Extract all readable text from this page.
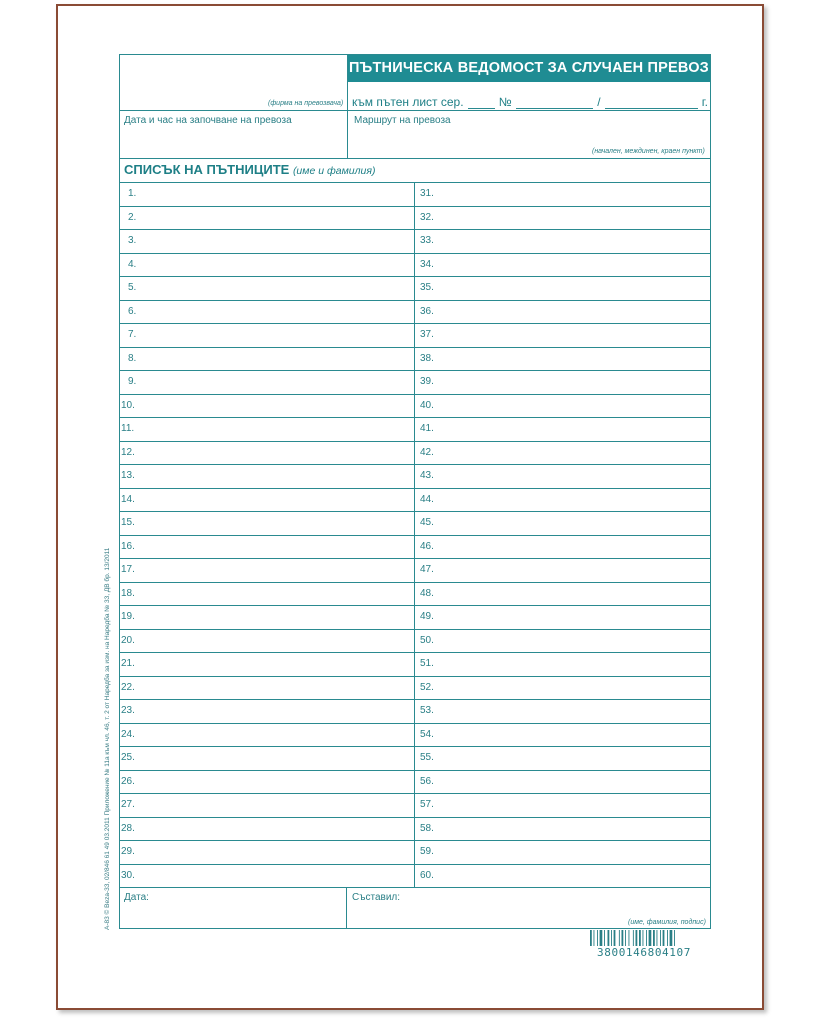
ПЪТНИЧЕСКА ВЕДОМОСТ ЗА СЛУЧАЕН ПРЕВОЗ
(фирма на превозвача) към пътен лист сер.	№	/	г.
Дата и час на започване на превоза	Маршрут на превоза
(начален, междинен, краен пункт)
СПИСЪК НА ПЪТНИЦИТЕ (име и фамилия)
1.	31.
2.	32.
3.	33.
4.	34.
5.	35.
6.	36.
7.	37.
8.	38.
9.	39.
10.	40.
11.	41.
12.	42.
13.	43.
14.	44.
15.	45.
16.	46.
17.	47.
18.	48.
19.	49.
20.	50.
21.	51.
22.	52.
23.	53.
24.	54.
25.	55.
26.	56.
27.	57.
28.	58.
29.	59.
30.	60.
Дата:	Съставил:
(име, фамилия, подпис)
А-83 © Вeza-33, 02/846 61 49 03.2011 Приложение № 11а към чл. 46, т. 2 от Наредба за изм. на Наредба № 33, ДВ бр. 13/2011
3800146804107
